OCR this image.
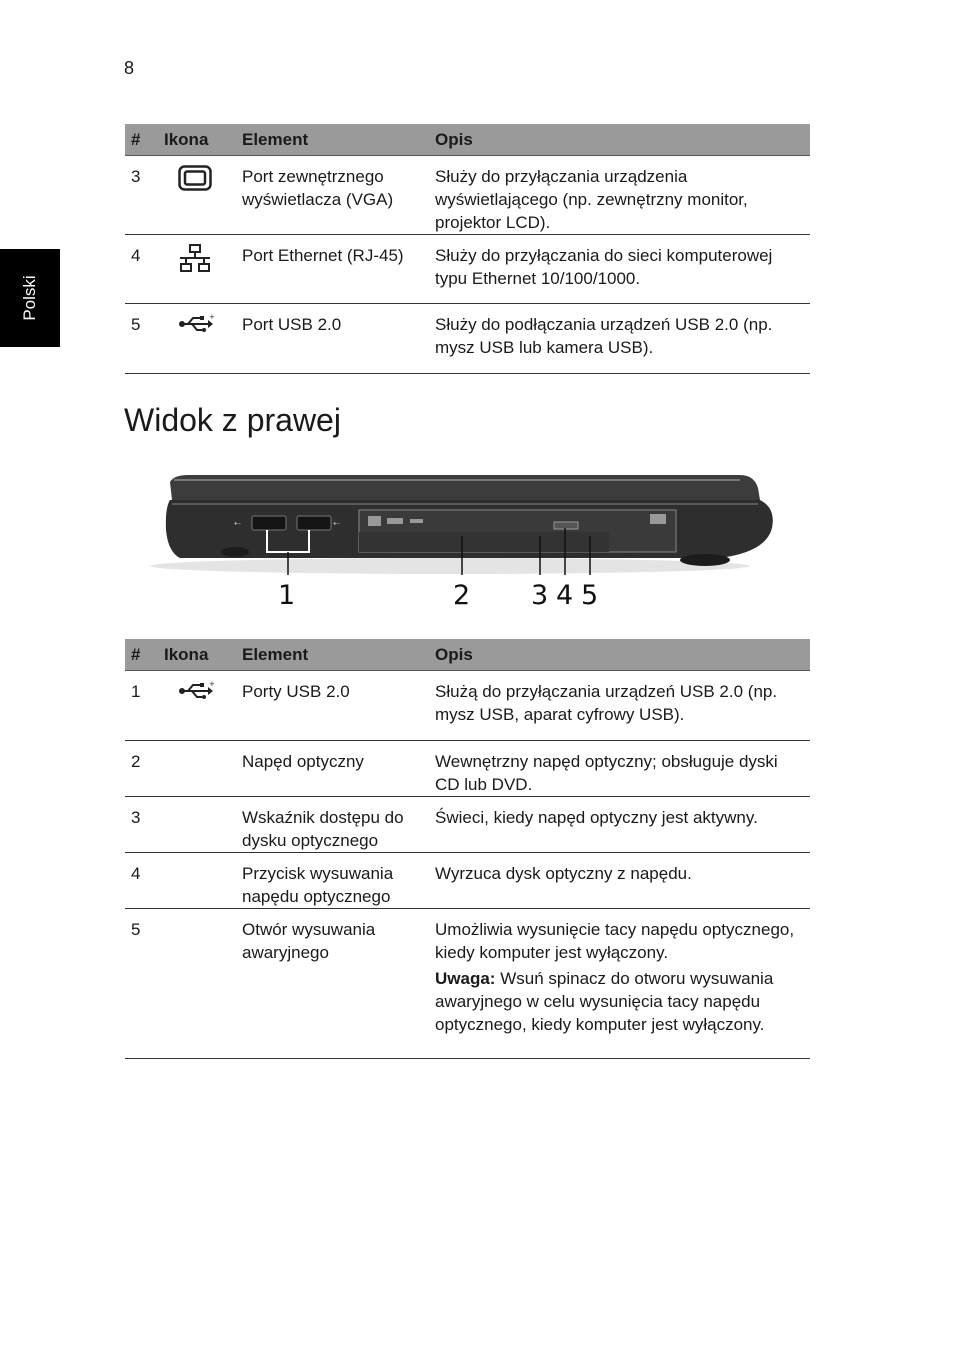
8
Polski
#	Ikona	Element	Opis
3		Port zewnętrznego wyświetlacza (VGA)	Służy do przyłączania urządzenia wyświetlającego (np. zewnętrzny monitor, projektor LCD).
4		Port Ethernet (RJ-45)	Służy do przyłączania do sieci komputerowej typu Ethernet 10/100/1000.
5	+	Port USB 2.0	Służy do podłączania urządzeń USB 2.0 (np. mysz USB lub kamera USB).
Widok z prawej
⇠	⇠
1	2 3 4 5
#	Ikona	Element	Opis
1	+	Porty USB 2.0	Służą do przyłączania urządzeń USB 2.0 (np. mysz USB, aparat cyfrowy USB).
2		Napęd optyczny	Wewnętrzny napęd optyczny; obsługuje dyski CD lub DVD.
3		Wskaźnik dostępu do dysku optycznego	Świeci, kiedy napęd optyczny jest aktywny.
4		Przycisk wysuwania napędu optycznego	Wyrzuca dysk optyczny z napędu.
5		Otwór wysuwania awaryjnego	Umożliwia wysunięcie tacy napędu optycznego, kiedy komputer jest wyłączony.
Uwaga: Wsuń spinacz do otworu wysuwania awaryjnego w celu wysunięcia tacy napędu optycznego, kiedy komputer jest wyłączony.
